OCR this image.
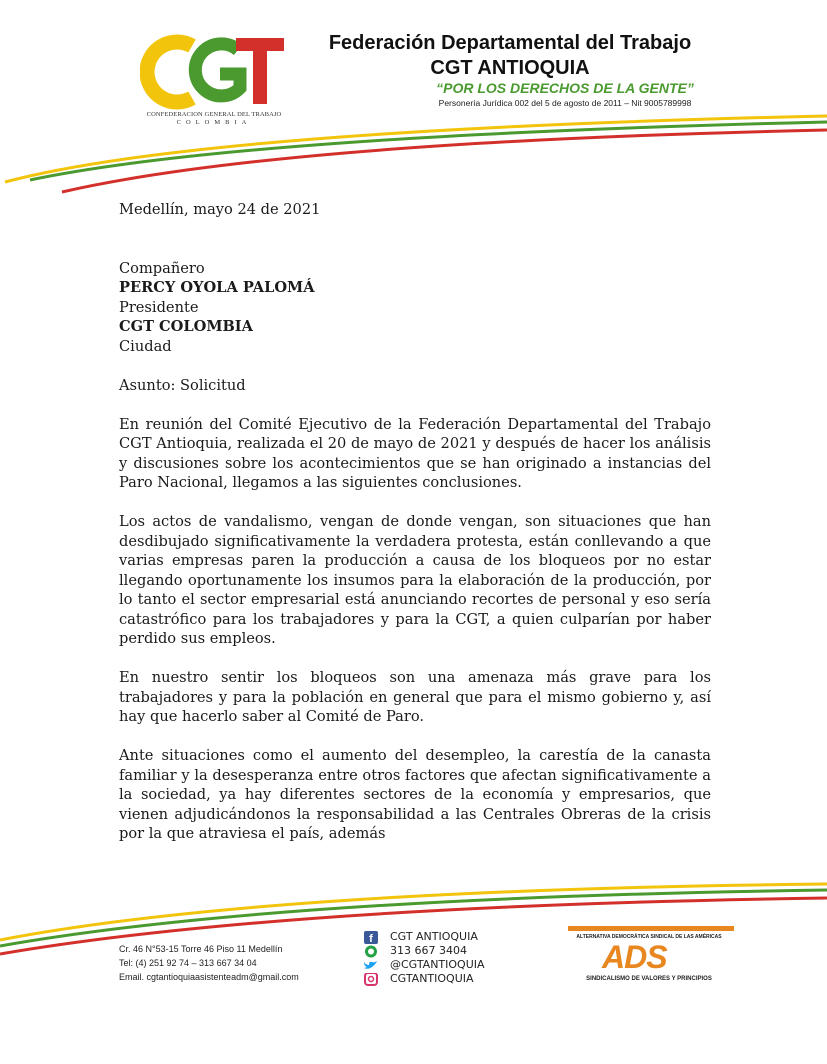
CONFEDERACION GENERAL DEL TRABAJO
COLOMBIA
Federación Departamental del Trabajo
CGT ANTIOQUIA
“POR LOS DERECHOS DE LA GENTE”
Personería Jurídica 002 del 5 de agosto de 2011 – Nit 9005789998

Medellín, mayo 24 de 2021

Compañero

PERCY OYOLA PALOMÁ

Presidente

CGT COLOMBIA

Ciudad

Asunto: Solicitud

En reunión del Comité Ejecutivo de la Federación Departamental del Trabajo CGT Antioquia, realizada el 20 de mayo de 2021 y después de hacer los análisis y discusiones sobre los acontecimientos que se han originado a instancias del Paro Nacional, llegamos a las siguientes conclusiones.

Los actos de vandalismo, vengan de donde vengan, son situaciones que han desdibujado significativamente la verdadera protesta, están conllevando a que varias empresas paren la producción a causa de los bloqueos por no estar llegando oportunamente los insumos para la elaboración de la producción, por lo tanto el sector empresarial está anunciando recortes de personal y eso sería catastrófico para los trabajadores y para la CGT, a quien culparían por haber perdido sus empleos.

En nuestro sentir los bloqueos son una amenaza más grave para los trabajadores y para la población en general que para el mismo gobierno y, así hay que hacerlo saber al Comité de Paro.

Ante situaciones como el aumento del desempleo, la carestía de la canasta familiar y la desesperanza entre otros factores que afectan significativamente a la sociedad, ya hay diferentes sectores de la economía y empresarios, que vienen adjudicándonos la responsabilidad a las Centrales Obreras de la crisis por la que atraviesa el país, además

Cr. 46 N°53-15 Torre 46 Piso 11 Medellín
Tel: (4) 251 92 74 – 313 667 34 04
Email. cgtantioquiaasistenteadm@gmail.com
f CGT ANTIOQUIA
313 667 3404
@CGTANTIOQUIA
CGTANTIOQUIA
ALTERNATIVA DEMOCRÁTICA SINDICAL DE LAS AMÉRICAS
ADS
SINDICALISMO DE VALORES Y PRINCIPIOS
